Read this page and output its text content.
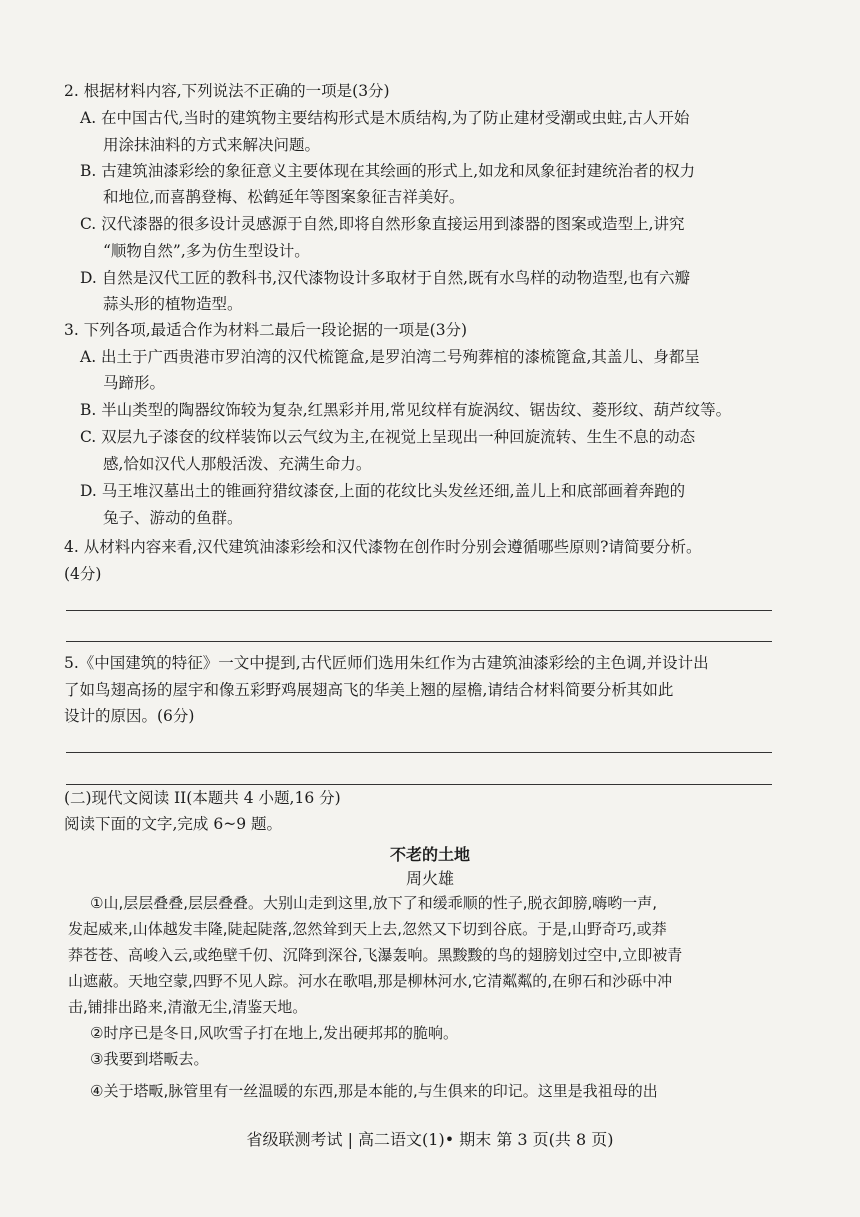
2. 根据材料内容,下列说法不正确的一项是(3分)
A. 在中国古代,当时的建筑物主要结构形式是木质结构,为了防止建材受潮或虫蛀,古人开始
用涂抹油料的方式来解决问题。
B. 古建筑油漆彩绘的象征意义主要体现在其绘画的形式上,如龙和凤象征封建统治者的权力
和地位,而喜鹊登梅、松鹤延年等图案象征吉祥美好。
C. 汉代漆器的很多设计灵感源于自然,即将自然形象直接运用到漆器的图案或造型上,讲究
“顺物自然”,多为仿生型设计。
D. 自然是汉代工匠的教科书,汉代漆物设计多取材于自然,既有水鸟样的动物造型,也有六瓣
蒜头形的植物造型。
3. 下列各项,最适合作为材料二最后一段论据的一项是(3分)
A. 出土于广西贵港市罗泊湾的汉代梳篦盒,是罗泊湾二号殉葬棺的漆梳篦盒,其盖儿、身都呈
马蹄形。
B. 半山类型的陶器纹饰较为复杂,红黑彩并用,常见纹样有旋涡纹、锯齿纹、菱形纹、葫芦纹等。
C. 双层九子漆奁的纹样装饰以云气纹为主,在视觉上呈现出一种回旋流转、生生不息的动态
感,恰如汉代人那般活泼、充满生命力。
D. 马王堆汉墓出土的锥画狩猎纹漆奁,上面的花纹比头发丝还细,盖儿上和底部画着奔跑的
兔子、游动的鱼群。
4. 从材料内容来看,汉代建筑油漆彩绘和汉代漆物在创作时分别会遵循哪些原则?请简要分析。
(4分)
5.《中国建筑的特征》一文中提到,古代匠师们选用朱红作为古建筑油漆彩绘的主色调,并设计出
了如鸟翅高扬的屋宇和像五彩野鸡展翅高飞的华美上翘的屋檐,请结合材料简要分析其如此
设计的原因。(6分)
(二)现代文阅读 II(本题共 4 小题,16 分)
阅读下面的文字,完成 6~9 题。
不老的土地
周火雄
①山,层层叠叠,层层叠叠。大别山走到这里,放下了和缓乖顺的性子,脱衣卸膀,嗨哟一声,
发起威来,山体越发丰隆,陡起陡落,忽然耸到天上去,忽然又下切到谷底。于是,山野奇巧,或莽
莽苍苍、高峻入云,或绝壁千仞、沉降到深谷,飞瀑轰响。黑黢黢的鸟的翅膀划过空中,立即被青
山遮蔽。天地空蒙,四野不见人踪。河水在歌唱,那是柳林河水,它清粼粼的,在卵石和沙砾中冲
击,铺排出路来,清澈无尘,清鉴天地。
②时序已是冬日,风吹雪子打在地上,发出硬邦邦的脆响。
③我要到塔畈去。
④关于塔畈,脉管里有一丝温暖的东西,那是本能的,与生俱来的印记。这里是我祖母的出
省级联测考试 | 高二语文(1)• 期末 第 3 页(共 8 页)
